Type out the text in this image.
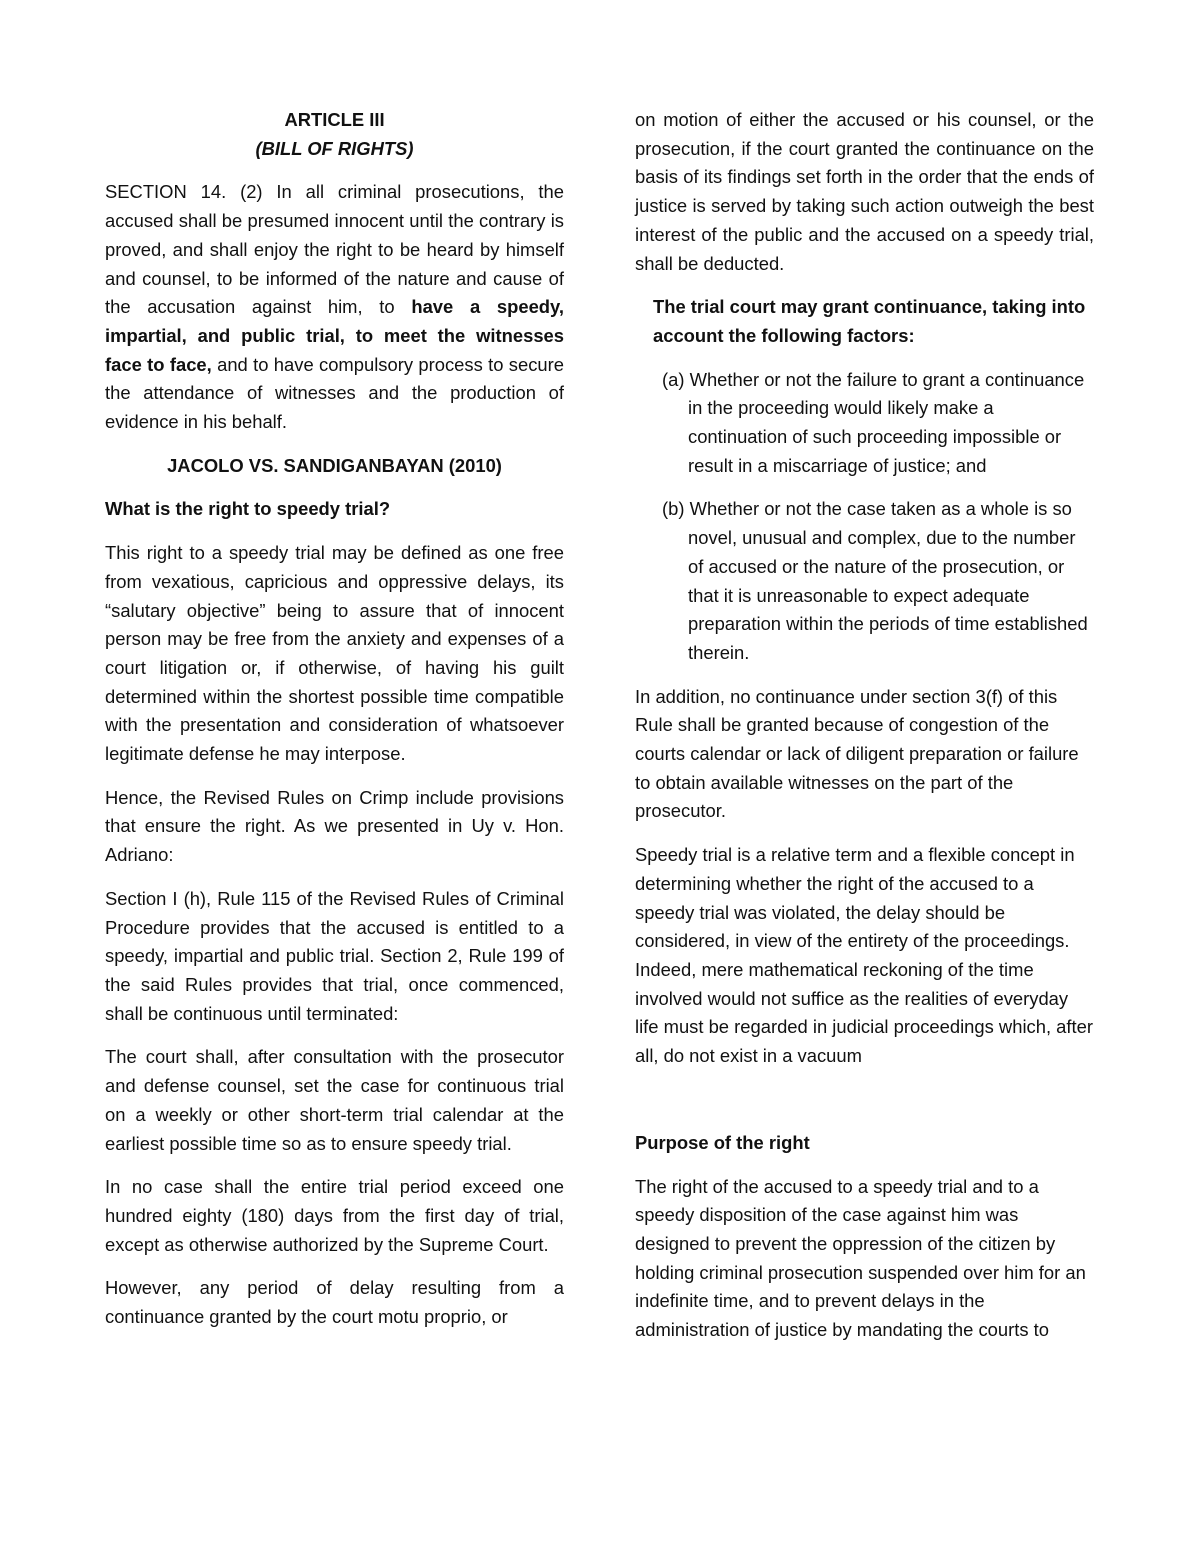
ARTICLE III

(BILL OF RIGHTS)

SECTION 14. (2) In all criminal prosecutions, the accused shall be presumed innocent until the contrary is proved, and shall enjoy the right to be heard by himself and counsel, to be informed of the nature and cause of the accusation against him, to have a speedy, impartial, and public trial, to meet the witnesses face to face, and to have compulsory process to secure the attendance of witnesses and the production of evidence in his behalf.

JACOLO VS. SANDIGANBAYAN (2010)

What is the right to speedy trial?

This right to a speedy trial may be defined as one free from vexatious, capricious and oppressive delays, its “salutary objective” being to assure that of innocent person may be free from the anxiety and expenses of a court litigation or, if otherwise, of having his guilt determined within the shortest possible time compatible with the presentation and consideration of whatsoever legitimate defense he may interpose.

Hence, the Revised Rules on Crimp include provisions that ensure the right. As we presented in Uy v. Hon. Adriano:

Section I (h), Rule 115 of the Revised Rules of Criminal Procedure provides that the accused is entitled to a speedy, impartial and public trial. Section 2, Rule 199 of the said Rules provides that trial, once commenced, shall be continuous until terminated:

The court shall, after consultation with the prosecutor and defense counsel, set the case for continuous trial on a weekly or other short-term trial calendar at the earliest possible time so as to ensure speedy trial.

In no case shall the entire trial period exceed one hundred eighty (180) days from the first day of trial, except as otherwise authorized by the Supreme Court.

However, any period of delay resulting from a continuance granted by the court motu proprio, or

on motion of either the accused or his counsel, or the prosecution, if the court granted the continuance on the basis of its findings set forth in the order that the ends of justice is served by taking such action outweigh the best interest of the public and the accused on a speedy trial, shall be deducted.

The trial court may grant continuance, taking into account the following factors:

(a) Whether or not the failure to grant a continuance in the proceeding would likely make a continuation of such proceeding impossible or result in a miscarriage of justice; and

(b) Whether or not the case taken as a whole is so novel, unusual and complex, due to the number of accused or the nature of the prosecution, or that it is unreasonable to expect adequate preparation within the periods of time established therein.

In addition, no continuance under section 3(f) of this Rule shall be granted because of congestion of the courts calendar or lack of diligent preparation or failure to obtain available witnesses on the part of the prosecutor.

Speedy trial is a relative term and a flexible concept in determining whether the right of the accused to a speedy trial was violated, the delay should be considered, in view of the entirety of the proceedings. Indeed, mere mathematical reckoning of the time involved would not suffice as the realities of everyday life must be regarded in judicial proceedings which, after all, do not exist in a vacuum

Purpose of the right

The right of the accused to a speedy trial and to a speedy disposition of the case against him was designed to prevent the oppression of the citizen by holding criminal prosecution suspended over him for an indefinite time, and to prevent delays in the administration of justice by mandating the courts to
